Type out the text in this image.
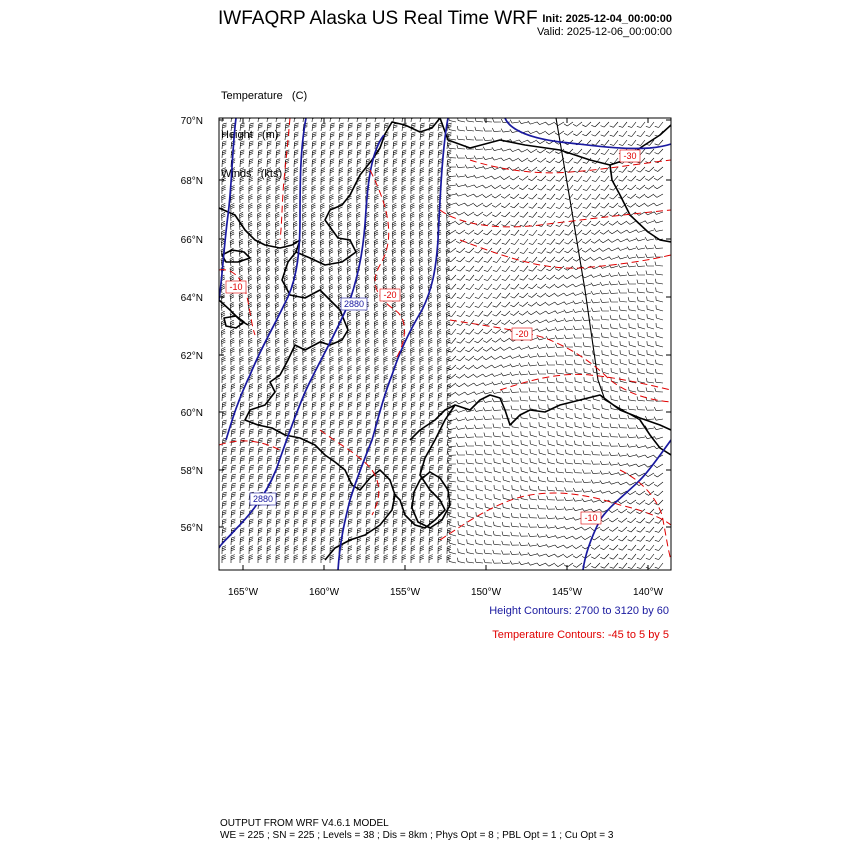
IWFAQRP Alaska US Real Time WRF Init: 2025-12-04_00:00:00
Valid: 2025-12-06_00:00:00

Temperature   (C)

Height   (m)

Winds   (kts)

70°N
68°N
66°N
64°N
62°N
60°N
58°N
56°N
165°W	160°W	155°W	150°W	145°W	140°W
2880
2880
-30
-10
-20
-20
-10
Height Contours: 2700 to 3120 by 60
Temperature Contours: -45 to 5 by 5
OUTPUT FROM WRF V4.6.1 MODEL
WE = 225 ; SN = 225 ; Levels = 38 ; Dis = 8km ; Phys Opt = 8 ; PBL Opt = 1 ; Cu Opt = 3
